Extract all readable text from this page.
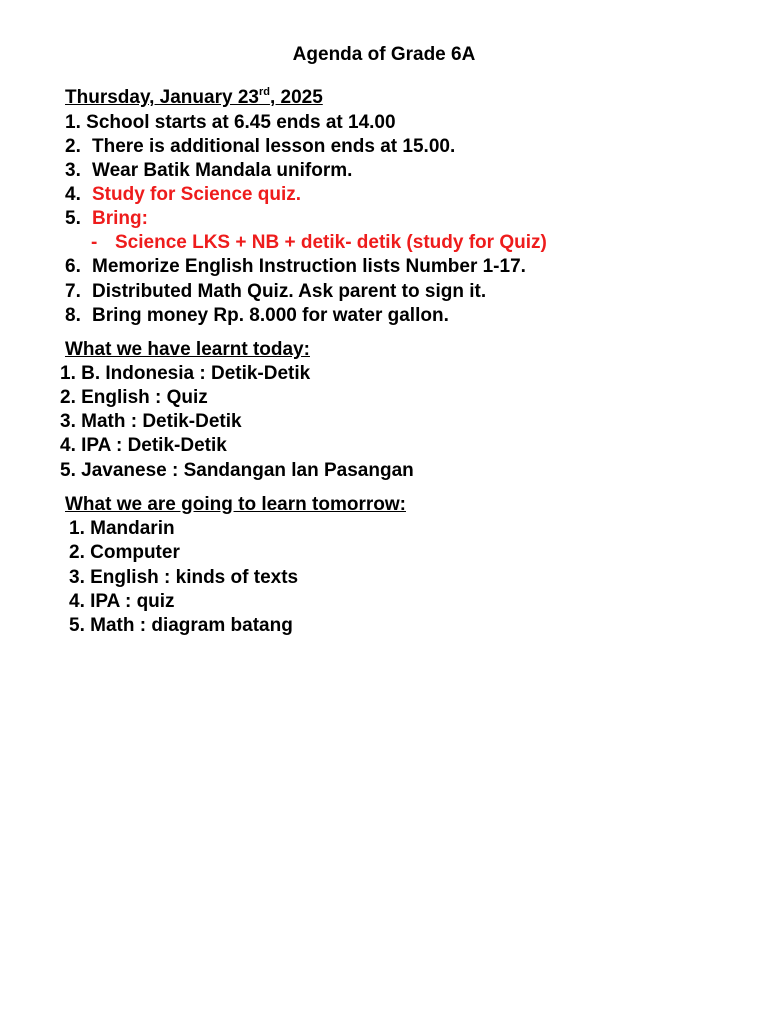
Agenda of Grade 6A
Thursday, January 23rd, 2025
1. School starts at 6.45 ends at 14.00
2. There is additional lesson ends at 15.00.
3. Wear Batik Mandala uniform.
4. Study for Science quiz.
5. Bring:
- Science LKS + NB + detik- detik (study for Quiz)
6. Memorize English Instruction lists Number 1-17.
7. Distributed Math Quiz. Ask parent to sign it.
8. Bring money Rp. 8.000 for water gallon.
What we have learnt today:
1. B. Indonesia : Detik-Detik
2. English : Quiz
3. Math : Detik-Detik
4. IPA : Detik-Detik
5. Javanese : Sandangan lan Pasangan
What we are going to learn tomorrow:
1. Mandarin
2. Computer
3. English : kinds of texts
4. IPA : quiz
5. Math : diagram batang
